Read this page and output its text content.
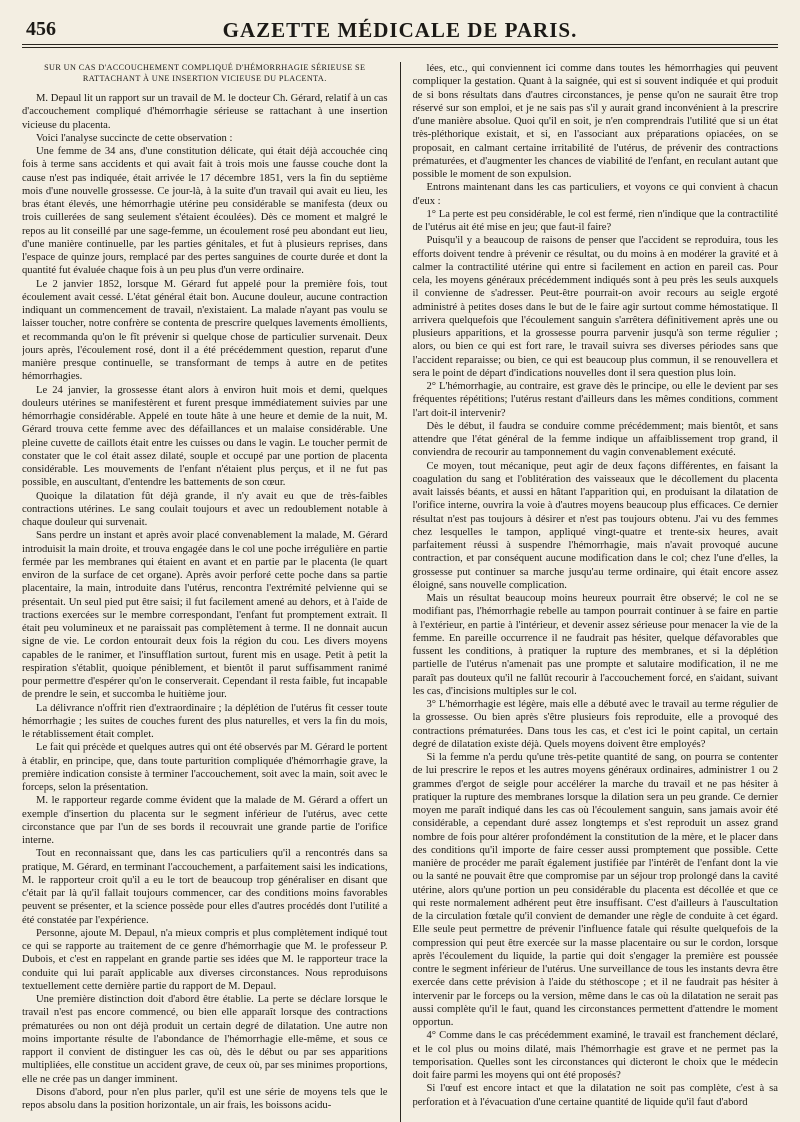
456	GAZETTE MÉDICALE DE PARIS.
SUR UN CAS D'ACCOUCHEMENT COMPLIQUÉ D'HÉMORRHAGIE SÉRIEUSE SE RATTACHANT À UNE INSERTION VICIEUSE DU PLACENTA.

M. Depaul lit un rapport sur un travail de M. le docteur Ch. Gérard, relatif à un cas d'accouchement compliqué d'hémorrhagie sérieuse se rattachant à une insertion vicieuse du placenta.

Voici l'analyse succincte de cette observation :

Une femme de 34 ans, d'une constitution délicate, qui était déjà accouchée cinq fois à terme sans accidents et qui avait fait à trois mois une fausse couche dont la cause n'est pas indiquée, était arrivée le 17 décembre 1851, vers la fin du septième mois d'une nouvelle grossesse. Ce jour-là, à la suite d'un travail qui avait eu lieu, les bras étant élevés, une hémorrhagie utérine peu considérable se manifesta (deux ou trois cuillerées de sang seulement s'étaient écoulées). Dès ce moment et malgré le repos au lit conseillé par une sage-femme, un écoulement rosé peu abondant eut lieu, d'une manière continuelle, par les parties génitales, et fut à plusieurs reprises, dans l'espace de quinze jours, remplacé par des pertes sanguines de courte durée et dont la quantité fut évaluée chaque fois à un peu plus d'un verre ordinaire.

Le 2 janvier 1852, lorsque M. Gérard fut appelé pour la première fois, tout écoulement avait cessé. L'état général était bon. Aucune douleur, aucune contraction indiquant un commencement de travail, n'existaient. La malade n'ayant pas voulu se laisser toucher, notre confrère se contenta de prescrire quelques lavements émollients, et recommanda qu'on le fît prévenir si quelque chose de particulier survenait. Deux jours après, l'écoulement rosé, dont il a été précédemment question, reparut d'une manière presque continuelle, se transformant de temps à autre en de petites hémorrhagies.

Le 24 janvier, la grossesse étant alors à environ huit mois et demi, quelques douleurs utérines se manifestèrent et furent presque immédiatement suivies par une hémorrhagie considérable. Appelé en toute hâte à une heure et demie de la nuit, M. Gérard trouva cette femme avec des défaillances et un malaise considérable. Une pleine cuvette de caillots était entre les cuisses ou dans le vagin. Le toucher permit de constater que le col était assez dilaté, souple et occupé par une portion de placenta considérable. Les mouvements de l'enfant n'étaient plus perçus, et il ne fut pas possible, en auscultant, d'entendre les battements de son cœur.

Quoique la dilatation fût déjà grande, il n'y avait eu que de très-faibles contractions utérines. Le sang coulait toujours et avec un redoublement notable à chaque douleur qui survenait.

Sans perdre un instant et après avoir placé convenablement la malade, M. Gérard introduisit la main droite, et trouva engagée dans le col une poche irrégulière en partie fermée par les membranes qui étaient en avant et en partie par le placenta (le quart environ de la surface de cet organe). Après avoir perforé cette poche dans sa partie placentaire, la main, introduite dans l'utérus, rencontra l'extrémité pelvienne qui se présentait. Un seul pied put être saisi; il fut facilement amené au dehors, et à l'aide de tractions exercées sur le membre correspondant, l'enfant fut promptement extrait. Il était peu volumineux et ne paraissait pas complètement à terme. Il ne donnait aucun signe de vie. Le cordon entourait deux fois la région du cou. Les divers moyens capables de le ranimer, et l'insufflation surtout, furent mis en usage. Petit à petit la respiration s'établit, quoique péniblement, et bientôt il parut suffisamment ranimé pour permettre d'espérer qu'on le conserverait. Cependant il resta faible, fut incapable de prendre le sein, et succomba le huitième jour.

La délivrance n'offrit rien d'extraordinaire ; la déplétion de l'utérus fit cesser toute hémorrhagie ; les suites de couches furent des plus naturelles, et vers la fin du mois, le rétablissement était complet.

Le fait qui précède et quelques autres qui ont été observés par M. Gérard le portent à établir, en principe, que, dans toute parturition compliquée d'hémorrhagie grave, la première indication consiste à terminer l'accouchement, soit avec la main, soit avec le forceps, selon la présentation.

M. le rapporteur regarde comme évident que la malade de M. Gérard a offert un exemple d'insertion du placenta sur le segment inférieur de l'utérus, avec cette circonstance que par l'un de ses bords il recouvrait une grande partie de l'orifice interne.

Tout en reconnaissant que, dans les cas particuliers qu'il a rencontrés dans sa pratique, M. Gérard, en terminant l'accouchement, a parfaitement saisi les indications, M. le rapporteur croit qu'il a eu le tort de beaucoup trop généraliser en disant que c'était par là qu'il fallait toujours commencer, car des conditions moins favorables peuvent se présenter, et la science possède pour elles d'autres procédés dont l'utilité a été constatée par l'expérience.

Personne, ajoute M. Depaul, n'a mieux compris et plus complètement indiqué tout ce qui se rapporte au traitement de ce genre d'hémorrhagie que M. le professeur P. Dubois, et c'est en rappelant en grande partie ses idées que M. le rapporteur trace la conduite qui lui paraît applicable aux diverses circonstances. Nous reproduisons textuellement cette dernière partie du rapport de M. Depaul.

Une première distinction doit d'abord être établie. La perte se déclare lorsque le travail n'est pas encore commencé, ou bien elle apparaît lorsque des contractions prématurées ou non ont déjà produit un certain degré de dilatation. Une autre non moins importante résulte de l'abondance de l'hémorrhagie elle-même, et sous ce rapport il convient de distinguer les cas où, dès le début ou par ses apparitions multipliées, elle constitue un accident grave, de ceux où, par ses minimes proportions, elle ne crée pas un danger imminent.

Disons d'abord, pour n'en plus parler, qu'il est une série de moyens tels que le repos absolu dans la position horizontale, un air frais, les boissons acidu-

lées, etc., qui conviennent ici comme dans toutes les hémorrhagies qui peuvent compliquer la gestation. Quant à la saignée, qui est si souvent indiquée et qui produit de si bons résultats dans d'autres circonstances, je pense qu'on ne saurait être trop réservé sur son emploi, et je ne sais pas s'il y aurait grand inconvénient à la prescrire d'une manière absolue. Quoi qu'il en soit, je n'en comprendrais l'utilité que si un état très-pléthorique existait, et si, en l'associant aux préparations opiacées, on se proposait, en calmant certaine irritabilité de l'utérus, de prévenir des contractions prématurées, et d'augmenter les chances de viabilité de l'enfant, en reculant autant que possible le moment de son expulsion.

Entrons maintenant dans les cas particuliers, et voyons ce qui convient à chacun d'eux :

1° La perte est peu considérable, le col est fermé, rien n'indique que la contractilité de l'utérus ait été mise en jeu; que faut-il faire?

Puisqu'il y a beaucoup de raisons de penser que l'accident se reproduira, tous les efforts doivent tendre à prévenir ce résultat, ou du moins à en modérer la gravité et à calmer la contractilité utérine qui entre si facilement en action en pareil cas. Pour cela, les moyens généraux précédemment indiqués sont à peu près les seuls auxquels il convienne de s'adresser. Peut-être pourrait-on avoir recours au seigle ergoté administré à petites doses dans le but de le faire agir surtout comme hémostatique. Il arrivera quelquefois que l'écoulement sanguin s'arrêtera définitivement après une ou plusieurs apparitions, et la grossesse pourra parvenir jusqu'à son terme régulier ; alors, ou bien ce qui est fort rare, le travail suivra ses diverses périodes sans que l'accident reparaisse; ou bien, ce qui est beaucoup plus commun, il se renouvellera et sera le point de départ d'indications nouvelles dont il sera question plus loin.

2° L'hémorrhagie, au contraire, est grave dès le principe, ou elle le devient par ses fréquentes répétitions; l'utérus restant d'ailleurs dans les mêmes conditions, comment l'art doit-il intervenir?

Dès le début, il faudra se conduire comme précédemment; mais bientôt, et sans attendre que l'état général de la femme indique un affaiblissement trop grand, il conviendra de recourir au tamponnement du vagin convenablement exécuté.

Ce moyen, tout mécanique, peut agir de deux façons différentes, en faisant la coagulation du sang et l'oblitération des vaisseaux que le décollement du placenta avait laissés béants, et aussi en hâtant l'apparition qui, en produisant la dilatation de l'orifice interne, ouvrira la voie à d'autres moyens beaucoup plus efficaces. Ce dernier résultat n'est pas toujours à désirer et n'est pas toujours obtenu. J'ai vu des femmes chez lesquelles le tampon, appliqué vingt-quatre et trente-six heures, avait parfaitement réussi à suspendre l'hémorrhagie, mais n'avait provoqué aucune contraction, et par conséquent aucune modification dans le col; chez l'une d'elles, la grossesse put continuer sa marche jusqu'au terme ordinaire, qui était encore assez éloigné, sans nouvelle complication.

Mais un résultat beaucoup moins heureux pourrait être observé; le col ne se modifiant pas, l'hémorrhagie rebelle au tampon pourrait continuer à se faire en partie à l'extérieur, en partie à l'intérieur, et devenir assez sérieuse pour menacer la vie de la femme. En pareille occurrence il ne faudrait pas hésiter, quelque défavorables que fussent les conditions, à pratiquer la rupture des membranes, et si la déplétion partielle de l'utérus n'amenait pas une prompte et salutaire modification, il ne me paraît pas douteux qu'il ne fallût recourir à l'accouchement forcé, en s'aidant, suivant les cas, d'incisions multiples sur le col.

3° L'hémorrhagie est légère, mais elle a débuté avec le travail au terme régulier de la grossesse. Ou bien après s'être plusieurs fois reproduite, elle a provoqué des contractions prématurées. Dans tous les cas, et c'est ici le point capital, un certain degré de dilatation existe déjà. Quels moyens doivent être employés?

Si la femme n'a perdu qu'une très-petite quantité de sang, on pourra se contenter de lui prescrire le repos et les autres moyens généraux ordinaires, administrer 1 ou 2 grammes d'ergot de seigle pour accélérer la marche du travail et ne pas hésiter à pratiquer la rupture des membranes lorsque la dilation sera un peu grande. Ce dernier moyen me paraît indiqué dans les cas où l'écoulement sanguin, sans jamais avoir été considérable, a cependant duré assez longtemps et s'est reproduit un assez grand nombre de fois pour altérer profondément la constitution de la mère, et le placer dans des conditions qu'il importe de faire cesser aussi promptement que possible. Cette manière de procéder me paraît également justifiée par l'intérêt de l'enfant dont la vie ou la santé ne pouvait être que compromise par un séjour trop prolongé dans la cavité utérine, alors qu'une portion un peu considérable du placenta est décollée et que ce qui reste normalement adhérent peut être insuffisant. C'est d'ailleurs à l'auscultation de la circulation fœtale qu'il convient de demander une règle de conduite à cet égard. Elle seule peut permettre de prévenir l'influence fatale qui résulte quelquefois de la compression qui peut être exercée sur la masse placentaire ou sur le cordon, lorsque après l'écoulement du liquide, la partie qui doit s'engager la première est poussée contre le segment inférieur de l'utérus. Une surveillance de tous les instants devra être exercée dans cette prévision à l'aide du stéthoscope ; et il ne faudrait pas hésiter à intervenir par le forceps ou la version, même dans le cas où la dilatation ne serait pas aussi complète qu'il le faut, quand les circonstances permettent d'attendre le moment opportun.

4° Comme dans le cas précédemment examiné, le travail est franchement déclaré, et le col plus ou moins dilaté, mais l'hémorrhagie est grave et ne permet pas la temporisation. Quelles sont les circonstances qui dicteront le choix que le médecin doit faire parmi les moyens qui ont été proposés?

Si l'œuf est encore intact et que la dilatation ne soit pas complète, c'est à sa perforation et à l'évacuation d'une certaine quantité de liquide qu'il faut d'abord
